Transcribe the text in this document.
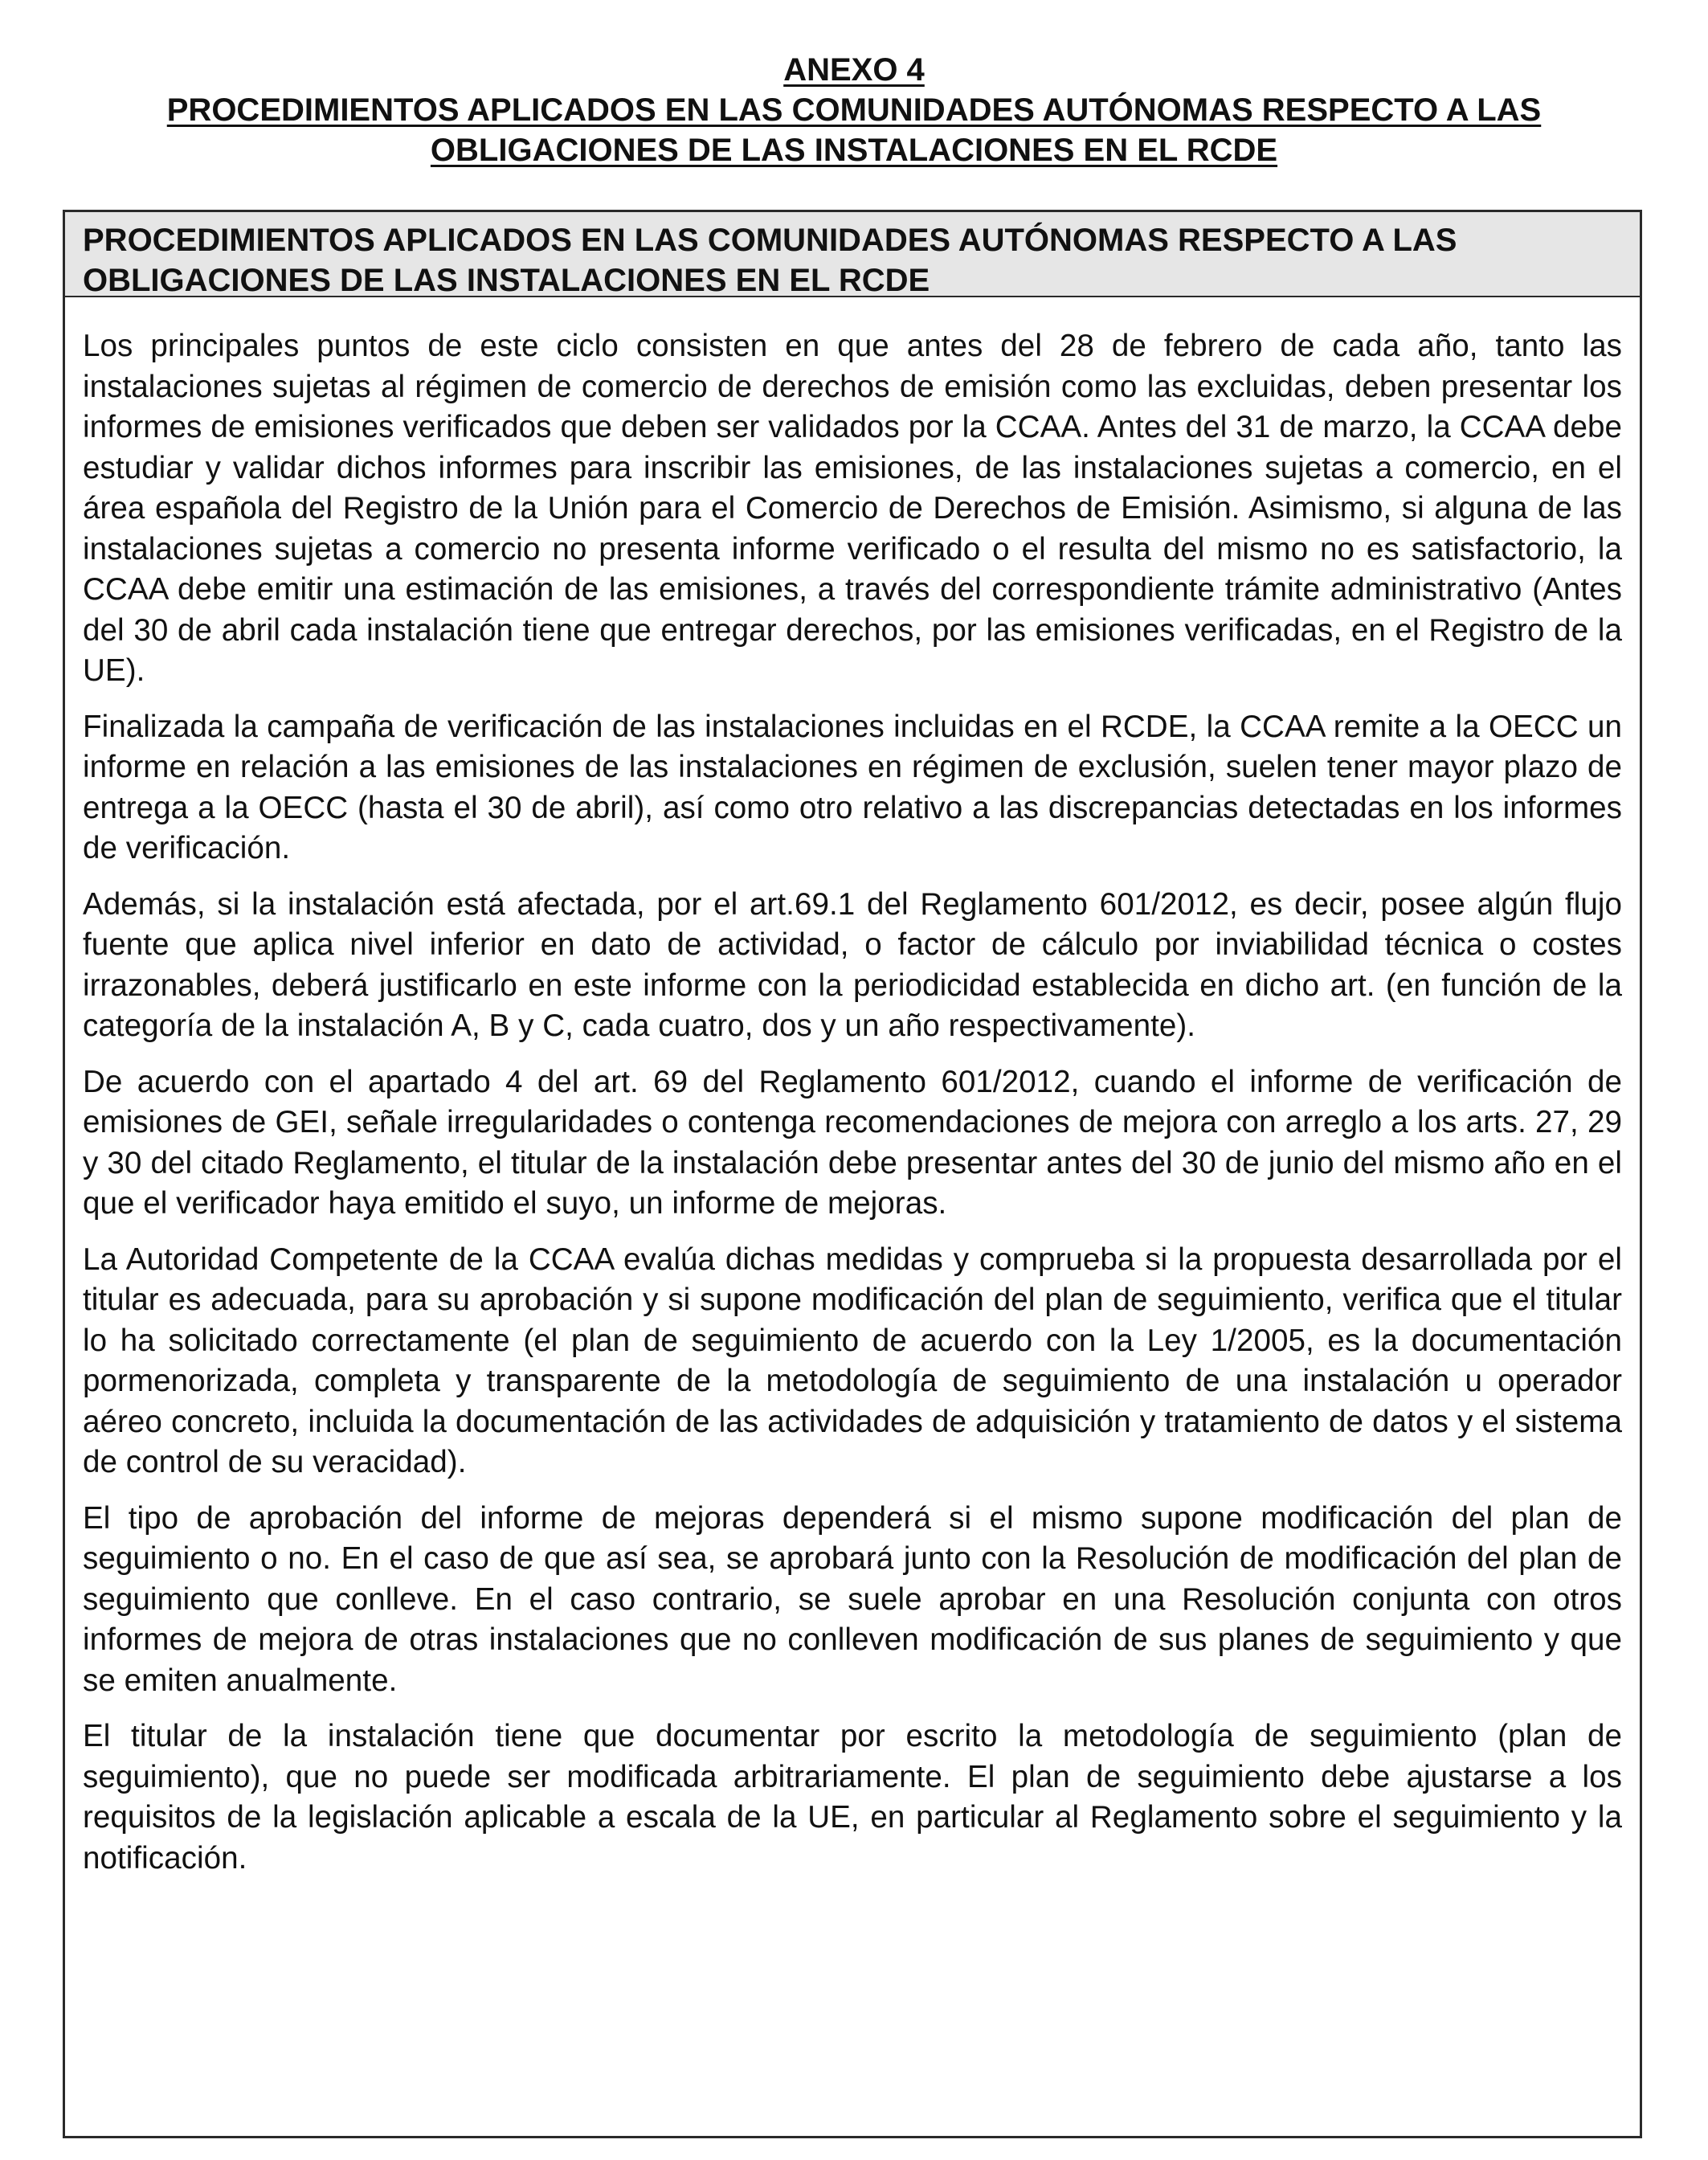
ANEXO 4
PROCEDIMIENTOS APLICADOS EN LAS COMUNIDADES AUTÓNOMAS RESPECTO A LAS
OBLIGACIONES DE LAS INSTALACIONES EN EL RCDE
PROCEDIMIENTOS APLICADOS EN LAS COMUNIDADES AUTÓNOMAS RESPECTO A LAS OBLIGACIONES DE LAS INSTALACIONES EN EL RCDE

Los principales puntos de este ciclo consisten en que antes del 28 de febrero de cada año, tanto las instalaciones sujetas al régimen de comercio de derechos de emisión como las excluidas, deben presentar los informes de emisiones verificados que deben ser validados por la CCAA. Antes del 31 de marzo, la CCAA debe estudiar y validar dichos informes para inscribir las emisiones, de las instalaciones sujetas a comercio, en el área española del Registro de la Unión para el Comercio de Derechos de Emisión. Asimismo, si alguna de las instalaciones sujetas a comercio no presenta informe verificado o el resulta del mismo no es satisfactorio, la CCAA debe emitir una estimación de las emisiones, a través del correspondiente trámite administrativo (Antes del 30 de abril cada instalación tiene que entregar derechos, por las emisiones verificadas, en el Registro de la UE).

Finalizada la campaña de verificación de las instalaciones incluidas en el RCDE, la CCAA remite a la OECC un informe en relación a las emisiones de las instalaciones en régimen de exclusión, suelen tener mayor plazo de entrega a la OECC (hasta el 30 de abril), así como otro relativo a las discrepancias detectadas en los informes de verificación.

Además, si la instalación está afectada, por el art.69.1 del Reglamento 601/2012, es decir, posee algún flujo fuente que aplica nivel inferior en dato de actividad, o factor de cálculo por inviabilidad técnica o costes irrazonables, deberá justificarlo en este informe con la periodicidad establecida en dicho art. (en función de la categoría de la instalación A, B y C, cada cuatro, dos y un año respectivamente).

De acuerdo con el apartado 4 del art. 69 del Reglamento 601/2012, cuando el informe de verificación de emisiones de GEI, señale irregularidades o contenga recomendaciones de mejora con arreglo a los arts. 27, 29 y 30 del citado Reglamento, el titular de la instalación debe presentar antes del 30 de junio del mismo año en el que el verificador haya emitido el suyo, un informe de mejoras.

La Autoridad Competente de la CCAA evalúa dichas medidas y comprueba si la propuesta desarrollada por el titular es adecuada, para su aprobación y si supone modificación del plan de seguimiento, verifica que el titular lo ha solicitado correctamente (el plan de seguimiento de acuerdo con la Ley 1/2005, es la documentación pormenorizada, completa y transparente de la metodología de seguimiento de una instalación u operador aéreo concreto, incluida la documentación de las actividades de adquisición y tratamiento de datos y el sistema de control de su veracidad).

El tipo de aprobación del informe de mejoras dependerá si el mismo supone modificación del plan de seguimiento o no. En el caso de que así sea, se aprobará junto con la Resolución de modificación del plan de seguimiento que conlleve. En el caso contrario, se suele aprobar en una Resolución conjunta con otros informes de mejora de otras instalaciones que no conlleven modificación de sus planes de seguimiento y que se emiten anualmente.

El titular de la instalación tiene que documentar por escrito la metodología de seguimiento (plan de seguimiento), que no puede ser modificada arbitrariamente. El plan de seguimiento debe ajustarse a los requisitos de la legislación aplicable a escala de la UE, en particular al Reglamento sobre el seguimiento y la notificación.
